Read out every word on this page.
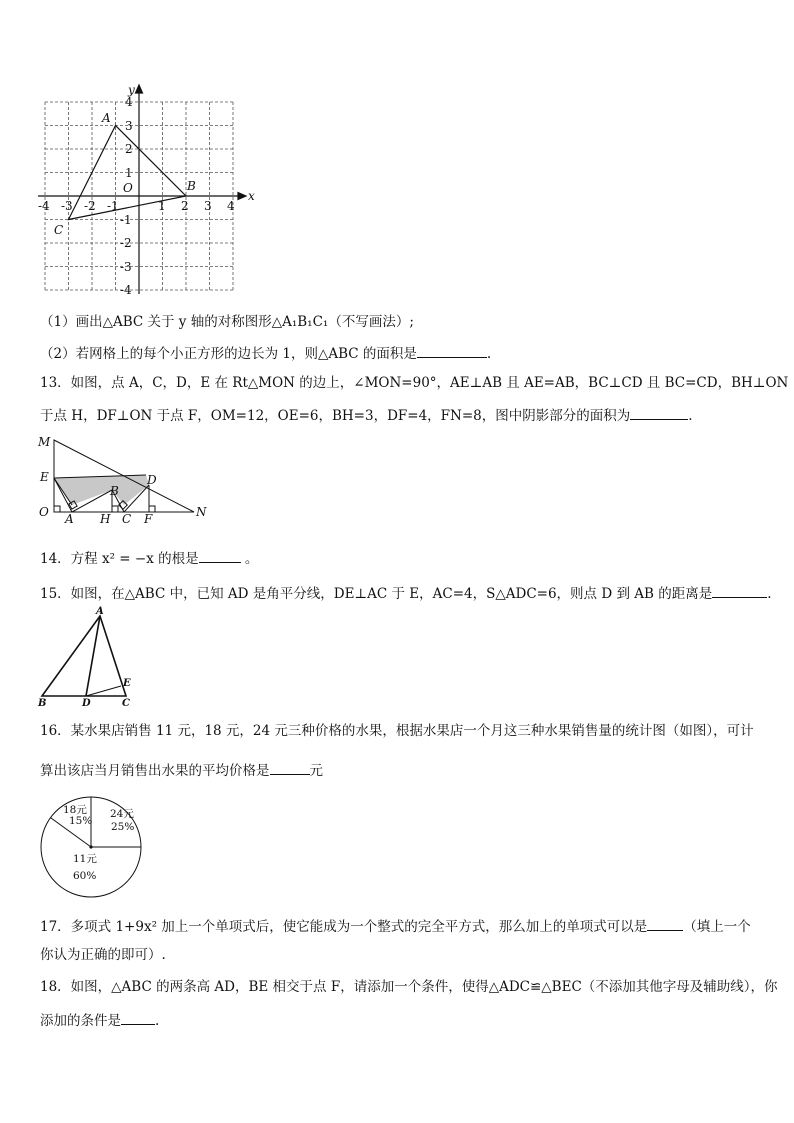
x
y
O
A
B
C
-4 -3 -2 -1	1 2 3 4
4
3
2
1
-1
-2
-3
-4
（1）画出△ABC 关于 y 轴的对称图形△A₁B₁C₁（不写画法）;
（2）若网格上的每个小正方形的边长为 1，则△ABC 的面积是	.
13．如图，点 A，C，D，E 在 Rt△MON 的边上，∠MON=90°，AE⊥AB 且 AE=AB，BC⊥CD 且 BC=CD，BH⊥ON
于点 H，DF⊥ON 于点 F，OM=12，OE=6，BH=3，DF=4，FN=8，图中阴影部分的面积为	.
M
E
O A H C F	N
B
D
14．方程 x² = −x 的根是	。
15．如图，在△ABC 中，已知 AD 是角平分线，DE⊥AC 于 E，AC=4，S△ADC=6，则点 D 到 AB 的距离是	.
A
B	D	C
E
16．某水果店销售 11 元，18 元，24 元三种价格的水果，根据水果店一个月这三种水果销售量的统计图（如图），可计
算出该店当月销售出水果的平均价格是	元
18元
15%
24元
25%
11元
60%
17．多项式 1+9x² 加上一个单项式后，使它能成为一个整式的完全平方式，那么加上的单项式可以是	（填上一个
你认为正确的即可）.
18．如图，△ABC 的两条高 AD，BE 相交于点 F，请添加一个条件，使得△ADC≌△BEC（不添加其他字母及辅助线），你
添加的条件是	.
